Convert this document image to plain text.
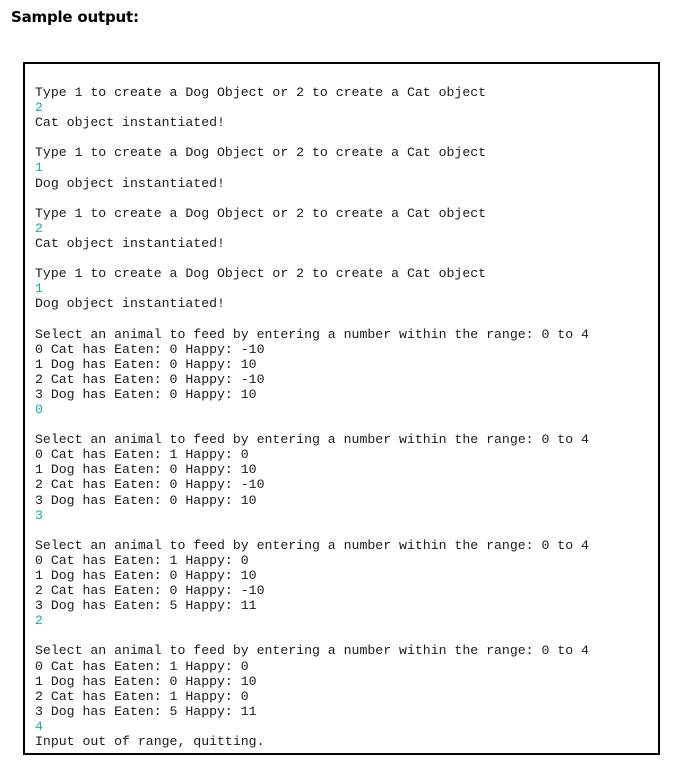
Sample output:
Type 1 to create a Dog Object or 2 to create a Cat object
2
Cat object instantiated!
Type 1 to create a Dog Object or 2 to create a Cat object
1
Dog object instantiated!
Type 1 to create a Dog Object or 2 to create a Cat object
2
Cat object instantiated!
Type 1 to create a Dog Object or 2 to create a Cat object
1
Dog object instantiated!
Select an animal to feed by entering a number within the range: 0 to 4
0 Cat has Eaten: 0 Happy: -10
1 Dog has Eaten: 0 Happy: 10
2 Cat has Eaten: 0 Happy: -10
3 Dog has Eaten: 0 Happy: 10
0
Select an animal to feed by entering a number within the range: 0 to 4
0 Cat has Eaten: 1 Happy: 0
1 Dog has Eaten: 0 Happy: 10
2 Cat has Eaten: 0 Happy: -10
3 Dog has Eaten: 0 Happy: 10
3
Select an animal to feed by entering a number within the range: 0 to 4
0 Cat has Eaten: 1 Happy: 0
1 Dog has Eaten: 0 Happy: 10
2 Cat has Eaten: 0 Happy: -10
3 Dog has Eaten: 5 Happy: 11
2
Select an animal to feed by entering a number within the range: 0 to 4
0 Cat has Eaten: 1 Happy: 0
1 Dog has Eaten: 0 Happy: 10
2 Cat has Eaten: 1 Happy: 0
3 Dog has Eaten: 5 Happy: 11
4
Input out of range, quitting.
